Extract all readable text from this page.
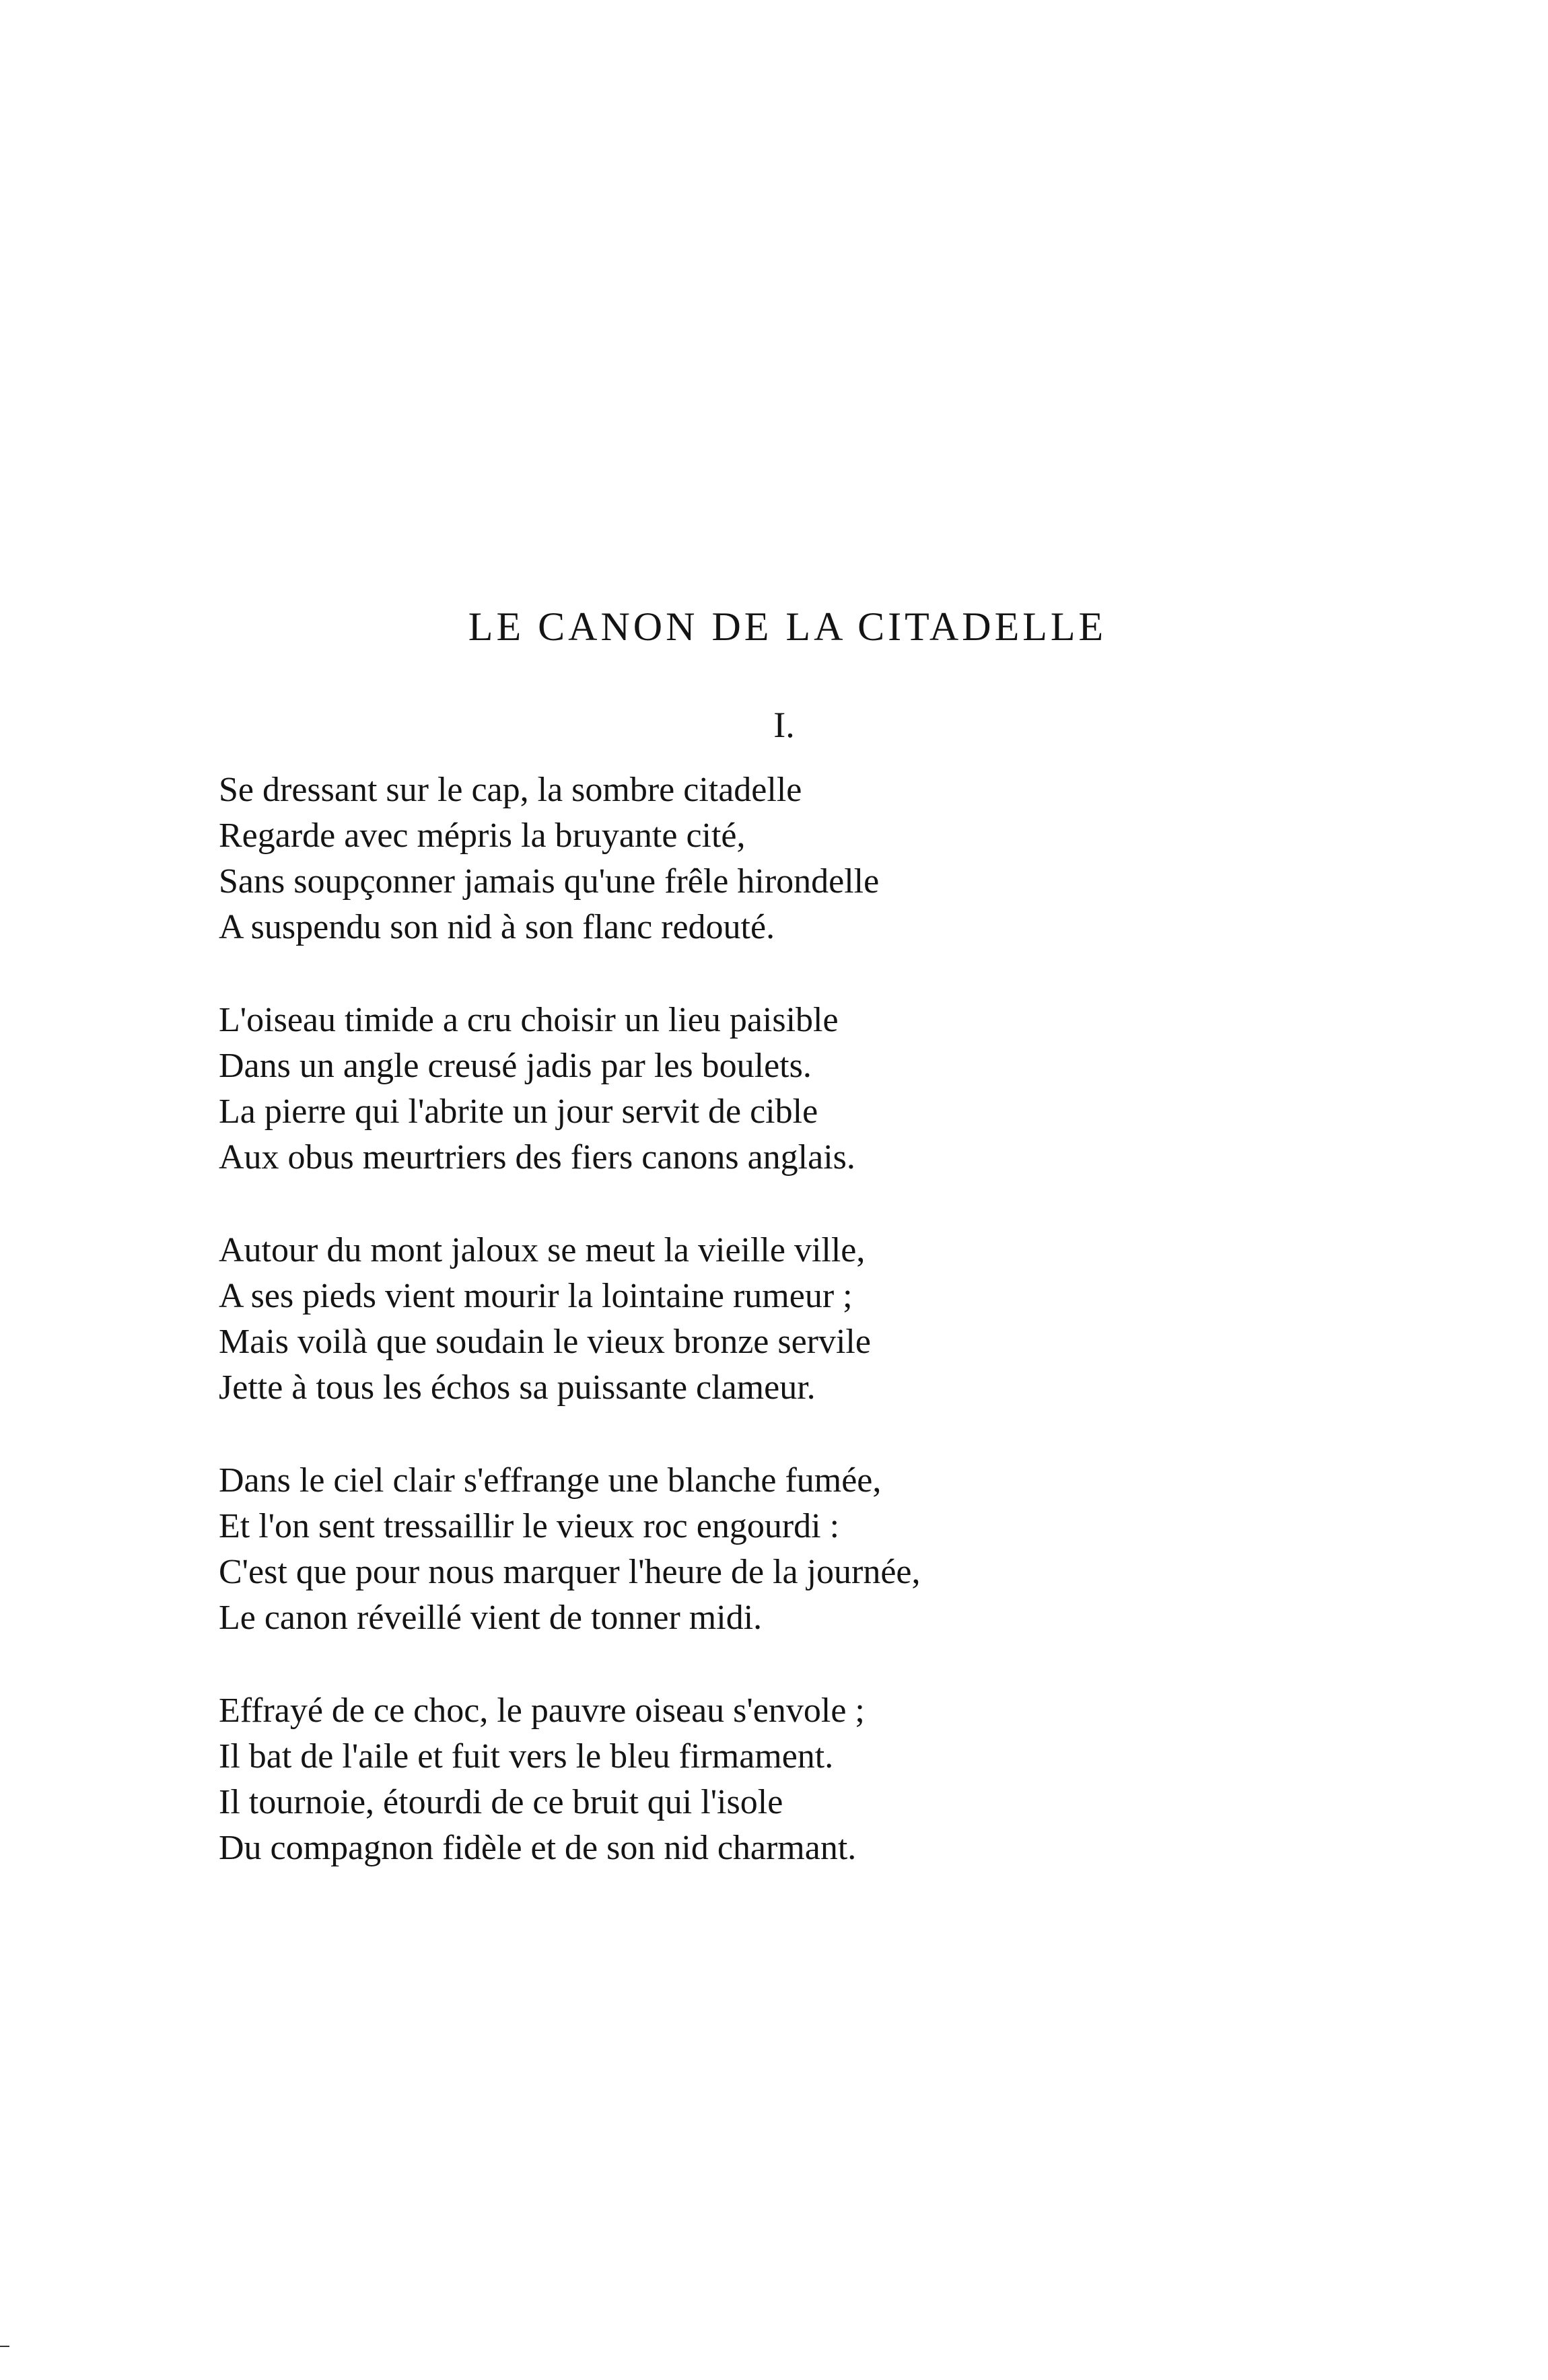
LE CANON DE LA CITADELLE
I.
Se dressant sur le cap, la sombre citadelle
Regarde avec mépris la bruyante cité,
Sans soupçonner jamais qu'une frêle hirondelle
A suspendu son nid à son flanc redouté.
L'oiseau timide a cru choisir un lieu paisible
Dans un angle creusé jadis par les boulets.
La pierre qui l'abrite un jour servit de cible
Aux obus meurtriers des fiers canons anglais.
Autour du mont jaloux se meut la vieille ville,
A ses pieds vient mourir la lointaine rumeur ;
Mais voilà que soudain le vieux bronze servile
Jette à tous les échos sa puissante clameur.
Dans le ciel clair s'effrange une blanche fumée,
Et l'on sent tressaillir le vieux roc engourdi :
C'est que pour nous marquer l'heure de la journée,
Le canon réveillé vient de tonner midi.
Effrayé de ce choc, le pauvre oiseau s'envole ;
Il bat de l'aile et fuit vers le bleu firmament.
Il tournoie, étourdi de ce bruit qui l'isole
Du compagnon fidèle et de son nid charmant.
